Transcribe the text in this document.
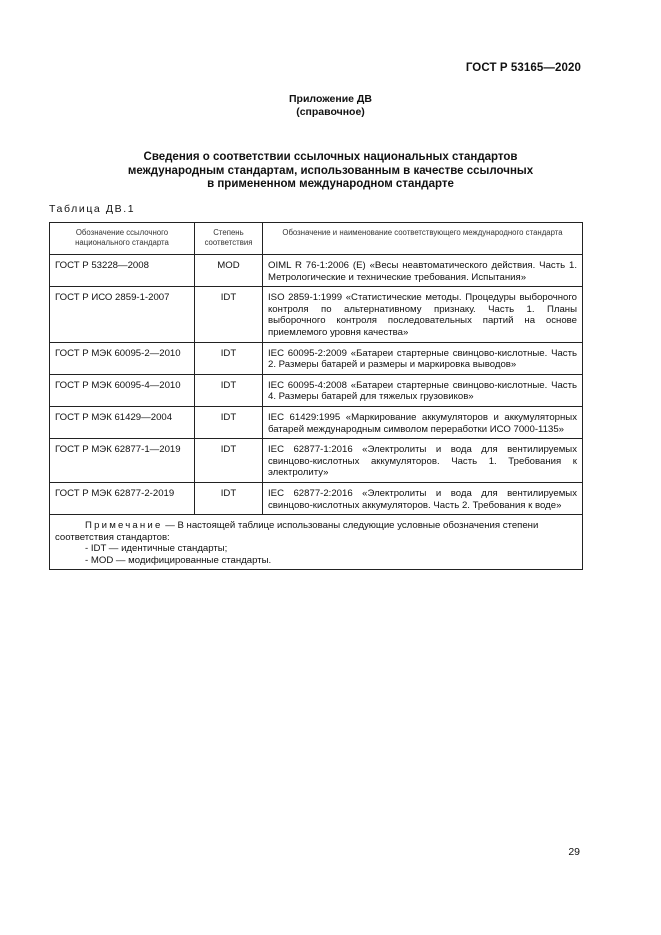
ГОСТ Р 53165—2020
Приложение ДВ
(справочное)
Сведения о соответствии ссылочных национальных стандартов
международным стандартам, использованным в качестве ссылочных
в примененном международном стандарте
Таблица ДВ.1
Обозначение ссылочного национального стандарта	Степень соответствия	Обозначение и наименование соответствующего международного стандарта
ГОСТ Р 53228—2008	MOD	OIML R 76-1:2006 (E) «Весы неавтоматического действия. Часть 1. Метрологические и технические требования. Испытания»
ГОСТ Р ИСО 2859-1-2007	IDT	ISO 2859-1:1999 «Статистические методы. Процедуры выборочного контроля по альтернативному признаку. Часть 1. Планы выборочного контроля последовательных партий на основе приемлемого уровня качества»
ГОСТ Р МЭК 60095-2—2010	IDT	IEC 60095-2:2009 «Батареи стартерные свинцово-кислотные. Часть 2. Размеры батарей и размеры и маркировка выводов»
ГОСТ Р МЭК 60095-4—2010	IDT	IEC 60095-4:2008 «Батареи стартерные свинцово-кислотные. Часть 4. Размеры батарей для тяжелых грузовиков»
ГОСТ Р МЭК 61429—2004	IDT	IEC 61429:1995 «Маркирование аккумуляторов и аккумуляторных батарей международным символом переработки ИСО 7000-1135»
ГОСТ Р МЭК 62877-1—2019	IDT	IEC 62877-1:2016 «Электролиты и вода для вентилируемых свинцово-кислотных аккумуляторов. Часть 1. Требования к электролиту»
ГОСТ Р МЭК 62877-2-2019	IDT	IEC 62877-2:2016 «Электролиты и вода для вентилируемых свинцово-кислотных аккумуляторов. Часть 2. Требования к воде»

Примечание — В настоящей таблице использованы следующие условные обозначения степени соответствия стандартов:
- IDT — идентичные стандарты;
- MOD — модифицированные стандарты.		
29
